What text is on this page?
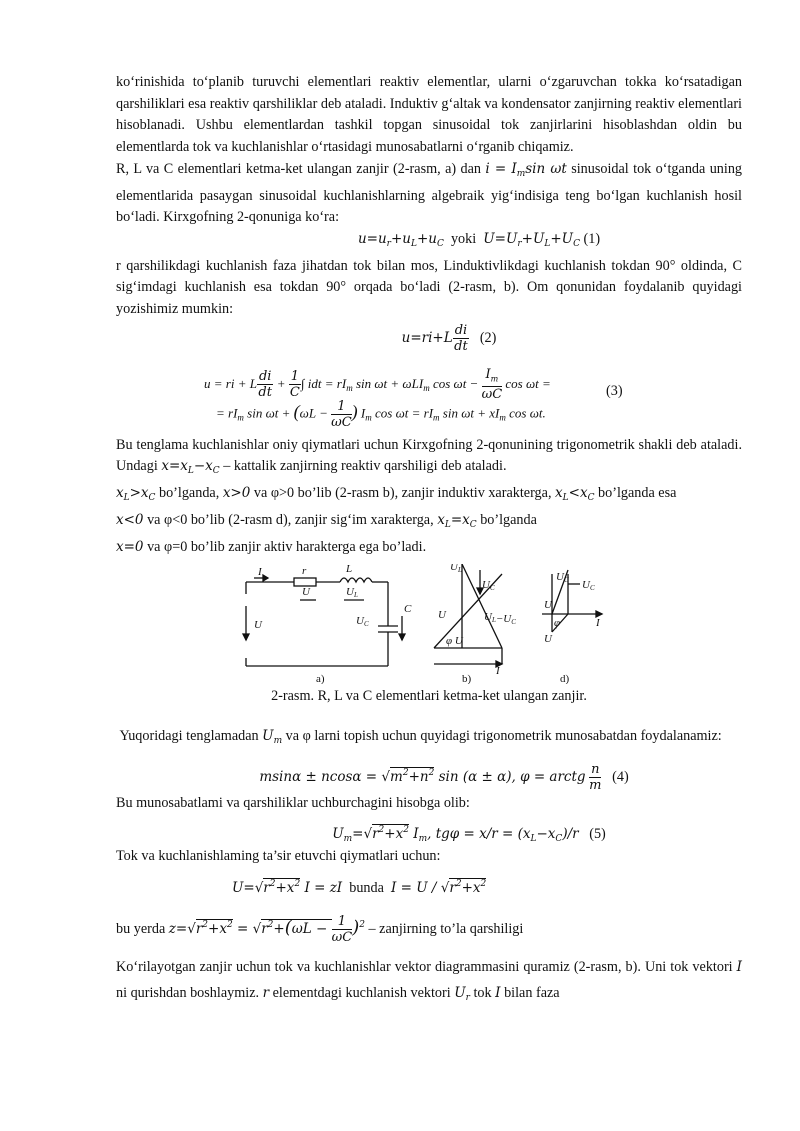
ko‘rinishida to‘planib turuvchi elementlari reaktiv elementlar, ularni o‘zgaruvchan tokka ko‘rsatadigan qarshiliklari esa reaktiv qarshiliklar deb ataladi. Induktiv g‘altak va kondensator zanjirning reaktiv elementlari hisoblanadi. Ushbu elementlardan tashkil topgan sinusoidal tok zanjirlarini hisoblashdan oldin bu elementlarda tok va kuchlanishlar o‘rtasidagi munosabatlarni o‘rganib chiqamiz.

R, L va C elementlari ketma-ket ulangan zanjir (2-rasm, a) dan $i = I_m\sin$ ωt sinusoidal tok o‘tganda uning elementlarida pasaygan sinusoidal kuchlanishlarning algebraik yig‘indisiga teng bo‘lgan kuchlanish hosil bo‘ladi. Kirxgofning 2-qonuniga ko‘ra:

$u=u_r+u_L+u_C$ yoki $U=U_r+U_L+U_C$ (1)

r qarshilikdagi kuchlanish faza jihatdan tok bilan mos, Linduktivlikdagi kuchlanish tokdan 90° oldinda, C sig‘imdagi kuchlanish esa tokdan 90° orqada bo‘ladi (2-rasm, b). Om qonunidan foydalanib quyidagi yozishimiz mumkin:

$u=ri+L \frac{di}{dt} (2)$
u = ri + L $\frac{di}{dt} + \frac{1}{C}$ ∫ idt = $rI_m$ sin ωt + ωLI$_m$ $\cos \omega t - \frac{I_m}{\omega C}$ cos ωt =
= $rI_m$ $\sin \omega t + (\omega L - \frac{1}{\omega C}$ ) $I_m$ $\cos \omega t = rI_m$ $\sin \omega t + xI_m$ cos ωt.
(3)

Bu tenglama kuchlanishlar oniy qiymatlari uchun Kirxgofning 2-qonunining trigonometrik shakli deb ataladi. Undagi $x=x_L-x_C$ – kattalik zanjirning reaktiv qarshiligi deb ataladi.

$x_L>x_C$ bo’lganda, x>0 va φ>0 bo’lib (2-rasm b), zanjir induktiv xarakterga, $x_L<x_C$ bo’lganda esa
x<0 va φ<0 bo’lib (2-rasm d), zanjir sig‘im xarakterga, $x_L=x_C$ bo’lganda
x=0 va φ=0 bo’lib zanjir aktiv harakterga ega bo’ladi.

I	r	L
U	UL
U	UC
C
a)
UL
UC
U	UL−UC
φ U
I
b)
UC UC
U
φ
U
I
d)

2-rasm. R, L va C elementlari ketma-ket ulangan zanjir.

Yuqoridagi tenglamadan $U_m$ va φ larni topish uchun quyidagi trigonometrik munosabatdan foydalanamiz:

$msin\alpha \pm ncos\alpha = √m^2+n^2$ sin (α ± α), φ = arctg $\frac{n}{m} (4)$

Bu munosabatlami va qarshiliklar uchburchagini hisobga olib:

$U_m=√r^2+x^2$ $I_m$, $tg\varphi = x/r = (x_L-x_C)/r$ (5)

Tok va kuchlanishlaming ta’sir etuvchi qiymatlari uchun:

$U=√r^2+x^2$ I = zI bunda $I = U / √r^2+x^2$
bu yerda $z=√r^2+x^2 = √r^2+(\omega L - \frac{1}{\omega C} )^2$ – zanjirning to’la qarshiligi

Ko‘rilayotgan zanjir uchun tok va kuchlanishlar vektor diagrammasini quramiz (2-rasm, b). Uni tok vektori I ni qurishdan boshlaymiz. r elementdagi kuchlanish vektori $U_r$ tok I bilan faza
